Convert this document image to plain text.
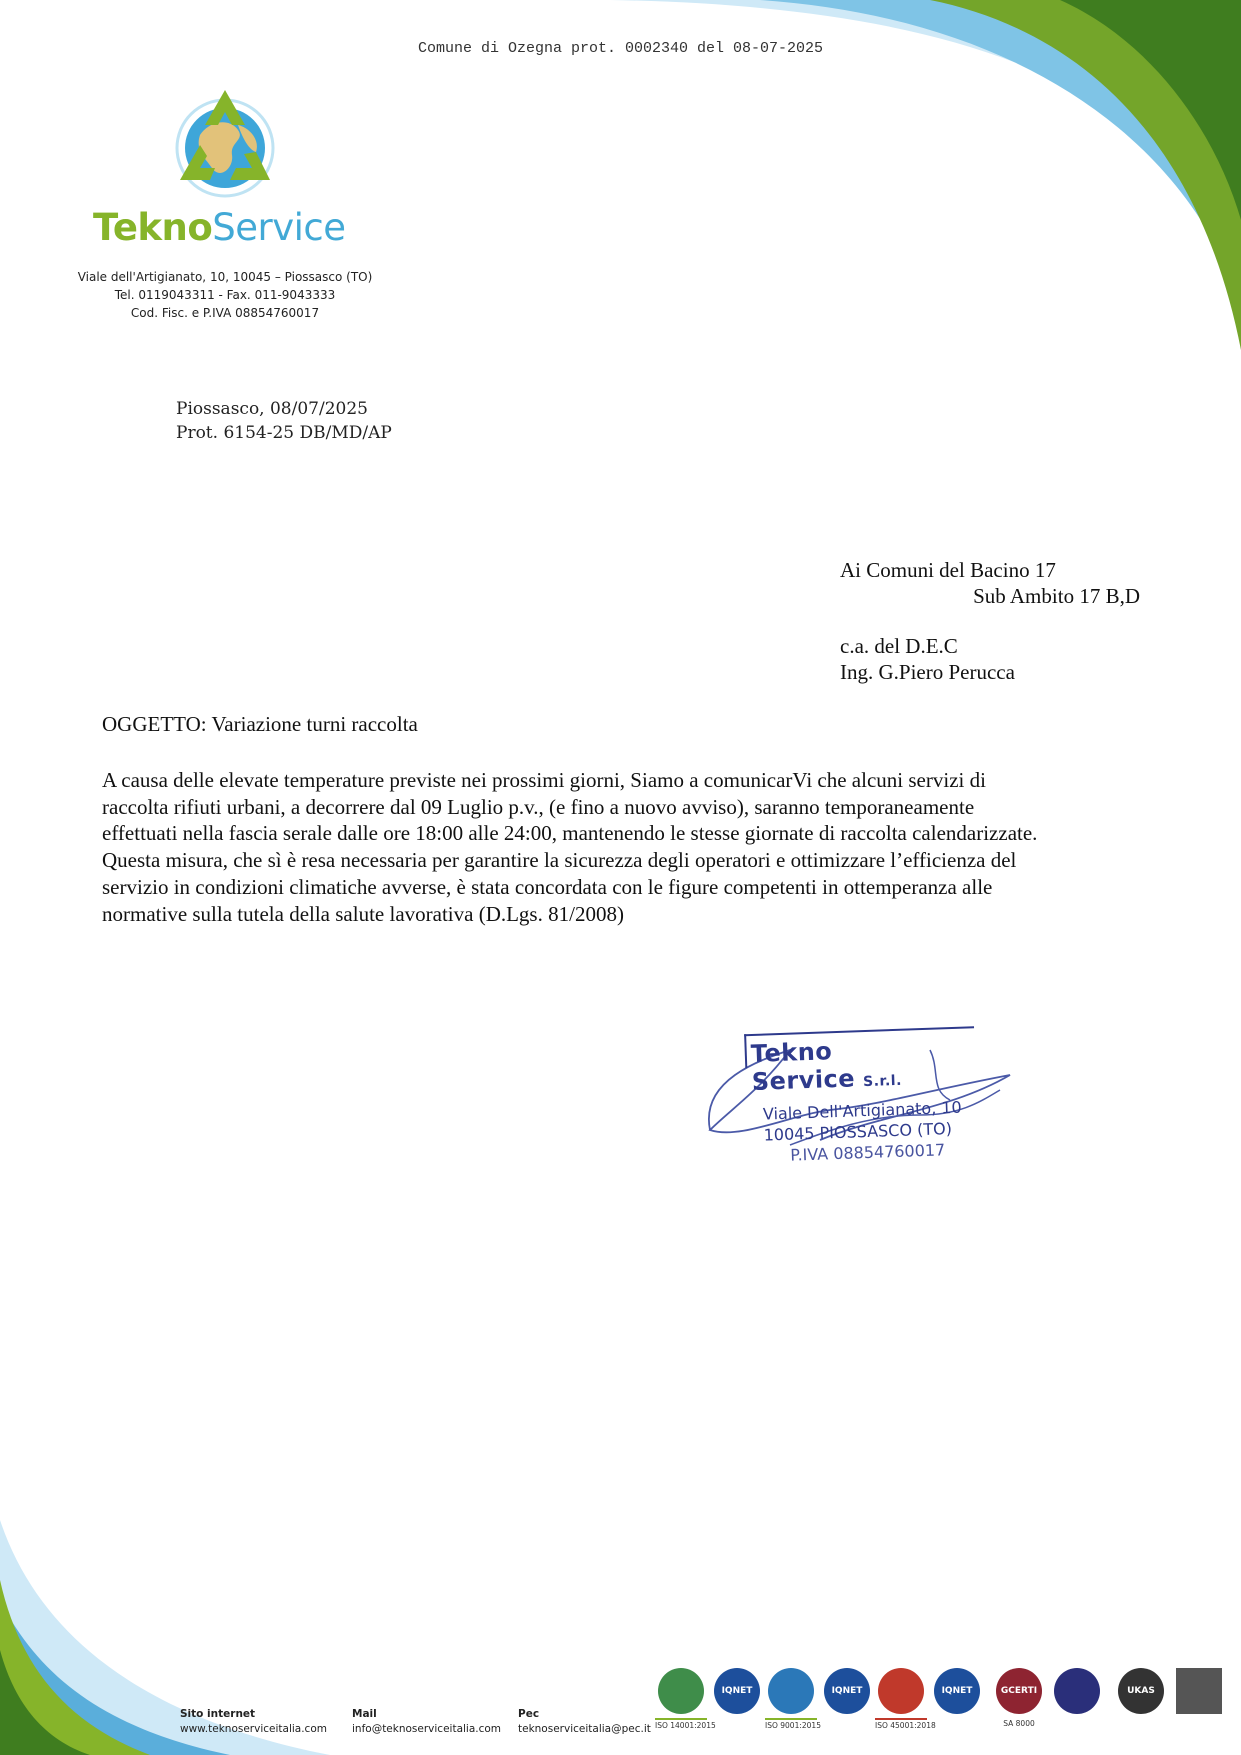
Comune di Ozegna prot. 0002340 del 08-07-2025
TeknoService
Viale dell'Artigianato, 10, 10045 – Piossasco (TO)
Tel. 0119043311 - Fax. 011-9043333
Cod. Fisc. e P.IVA 08854760017
Piossasco, 08/07/2025
Prot. 6154-25 DB/MD/AP
Ai Comuni del Bacino 17
Sub Ambito 17 B,D
c.a. del D.E.C
Ing. G.Piero Perucca
OGGETTO: Variazione turni raccolta
A causa delle elevate temperature previste nei prossimi giorni, Siamo a comunicarVi che alcuni servizi di
raccolta rifiuti urbani, a decorrere dal 09 Luglio p.v., (e fino a nuovo avviso), saranno temporaneamente
effettuati nella fascia serale dalle ore 18:00 alle 24:00, mantenendo le stesse giornate di raccolta calendarizzate.
Questa misura, che sì è resa necessaria per garantire la sicurezza degli operatori e ottimizzare l’efficienza del
servizio in condizioni climatiche avverse, è stata concordata con le figure competenti in ottemperanza alle
normative sulla tutela della salute lavorativa (D.Lgs. 81/2008)
Tekno Service S.r.l.
Viale Dell'Artigianato, 10
10045 PIOSSASCO (TO)
P.IVA 08854760017
Sito internet
www.teknoserviceitalia.com
Mail
info@teknoserviceitalia.com
Pec
teknoserviceitalia@pec.it ISO 14001:2015
IQNET
ISO 9001:2015
IQNET
ISO 45001:2018
IQNET	GCERTI
SA 8000
UKAS
